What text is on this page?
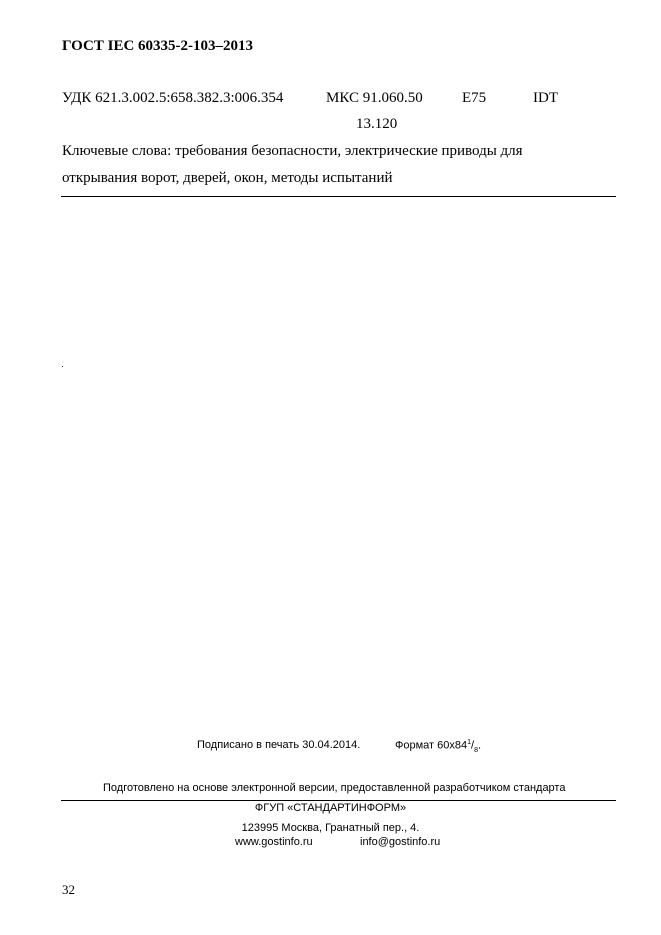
ГОСТ IEC 60335-2-103–2013
УДК 621.3.002.5:658.382.3:006.354	МКС 91.060.50
13.120
E75	IDT
Ключевые слова: требования безопасности, электрические приводы для
открывания ворот, дверей, окон, методы испытаний
Подписано в печать 30.04.2014.	Формат $60х84^1/_8$.
Подготовлено на основе электронной версии, предоставленной разработчиком стандарта
ФГУП «СТАНДАРТИНФОРМ»
123995 Москва, Гранатный пер., 4.
www.gostinfo.ru	info@gostinfo.ru
32
